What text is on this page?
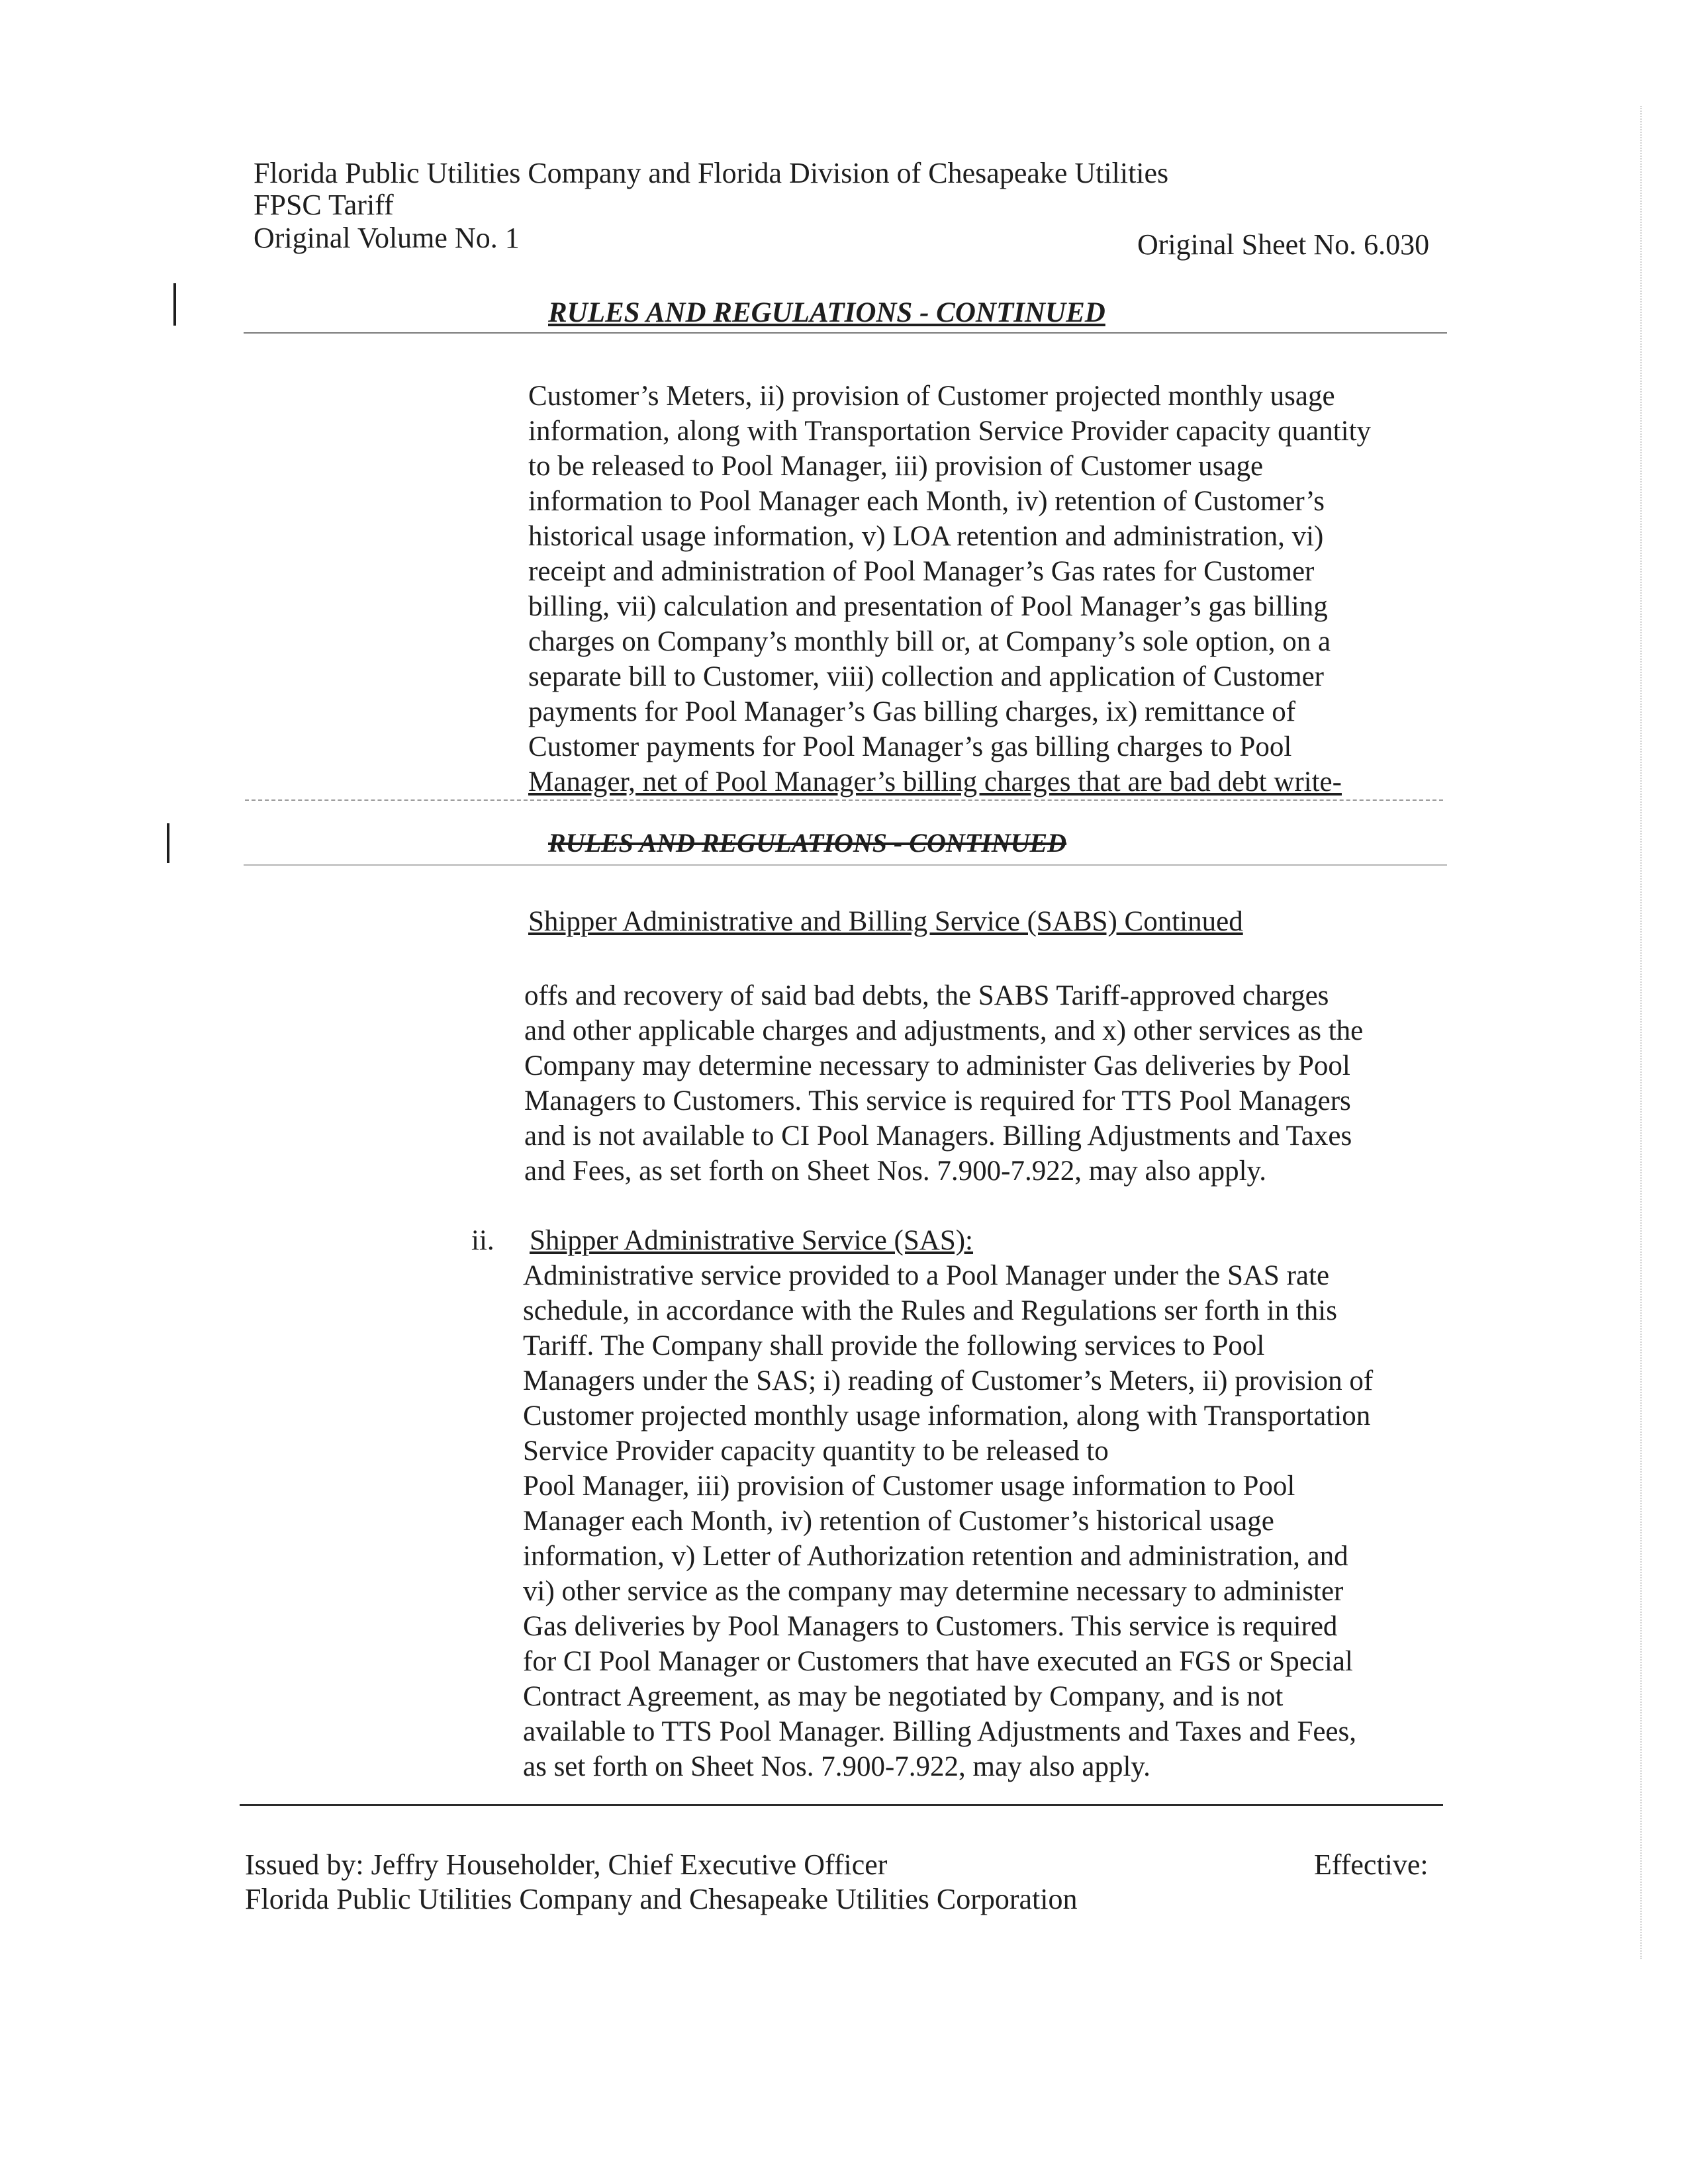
Florida Public Utilities Company and Florida Division of Chesapeake Utilities
FPSC Tariff
Original Volume No. 1	Original Sheet No. 6.030
RULES AND REGULATIONS - CONTINUED
Customer’s Meters, ii) provision of Customer projected monthly usage
information, along with Transportation Service Provider capacity quantity
to be released to Pool Manager, iii) provision of Customer usage
information to Pool Manager each Month, iv) retention of Customer’s
historical usage information, v) LOA retention and administration, vi)
receipt and administration of Pool Manager’s Gas rates for Customer
billing, vii) calculation and presentation of Pool Manager’s gas billing
charges on Company’s monthly bill or, at Company’s sole option, on a
separate bill to Customer, viii) collection and application of Customer
payments for Pool Manager’s Gas billing charges, ix) remittance of
Customer payments for Pool Manager’s gas billing charges to Pool
Manager, net of Pool Manager’s billing charges that are bad debt write-
RULES AND REGULATIONS - CONTINUED
Shipper Administrative and Billing Service (SABS) Continued
offs and recovery of said bad debts, the SABS Tariff-approved charges
and other applicable charges and adjustments, and x) other services as the
Company may determine necessary to administer Gas deliveries by Pool
Managers to Customers. This service is required for TTS Pool Managers
and is not available to CI Pool Managers. Billing Adjustments and Taxes
and Fees, as set forth on Sheet Nos. 7.900-7.922, may also apply.
ii. Shipper Administrative Service (SAS):
Administrative service provided to a Pool Manager under the SAS rate
schedule, in accordance with the Rules and Regulations ser forth in this
Tariff. The Company shall provide the following services to Pool
Managers under the SAS; i) reading of Customer’s Meters, ii) provision of
Customer projected monthly usage information, along with Transportation
Service Provider capacity quantity to be released to
Pool Manager, iii) provision of Customer usage information to Pool
Manager each Month, iv) retention of Customer’s historical usage
information, v) Letter of Authorization retention and administration, and
vi) other service as the company may determine necessary to administer
Gas deliveries by Pool Managers to Customers. This service is required
for CI Pool Manager or Customers that have executed an FGS or Special
Contract Agreement, as may be negotiated by Company, and is not
available to TTS Pool Manager. Billing Adjustments and Taxes and Fees,
as set forth on Sheet Nos. 7.900-7.922, may also apply.
Issued by: Jeffry Householder, Chief Executive Officer
Florida Public Utilities Company and Chesapeake Utilities Corporation
Effective:
